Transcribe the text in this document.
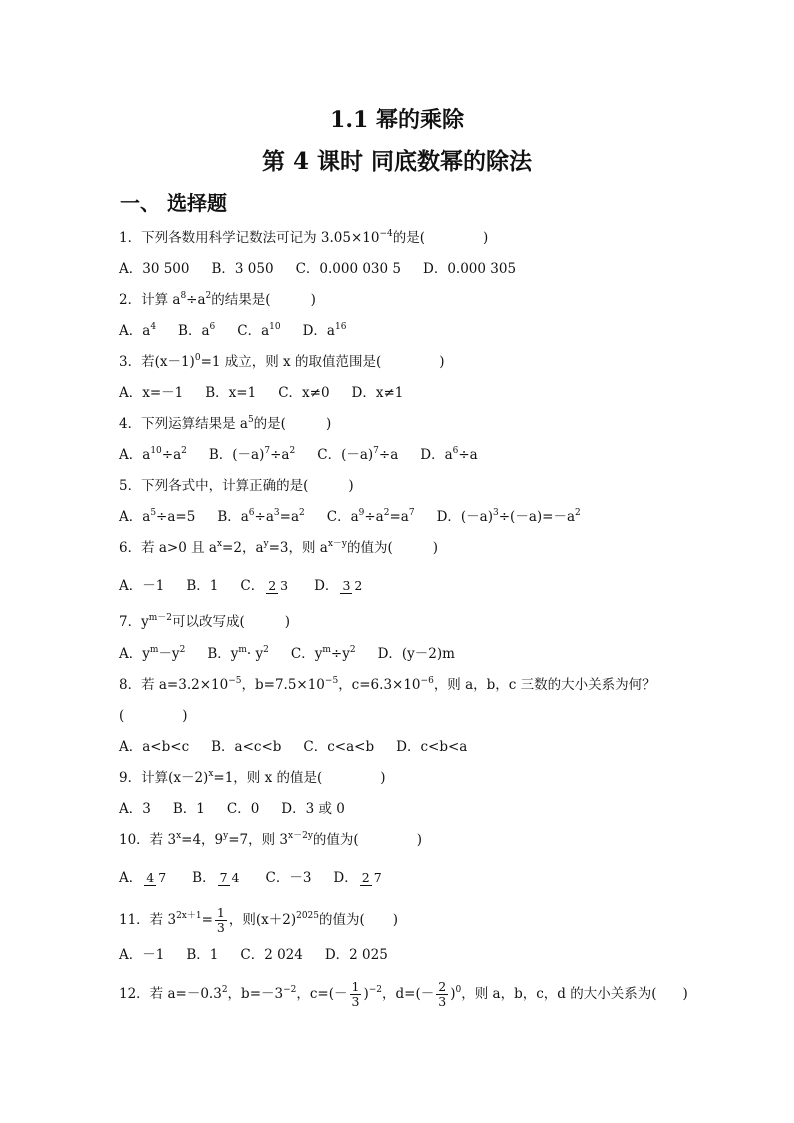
1.1 幂的乘除
第 4 课时 同底数幂的除法
一、 选择题
1．下列各数用科学记数法可记为 $3.05\times 10^{-4}$的是(	)
A．30 500 B．3 050 C．0.000 030 5 D．0.000 305
2．计算 $a^8\div a^2$的结果是(	)
A．$a^4$ B．$a^6$ C．$a^{10}$ D．$a^{16}$
3．若$(x-1)^0=1$ 成立，则 x 的取值范围是(	)
A．x=－1 B．x=1 C．x≠0 D．x≠1
4．下列运算结果是 $a^5$的是(	)
A．$a^{10}\div a^2$ B．$(-a)^7\div a^2$ C．$(-a)^7\div a$ D．$a^6\div a$
5．下列各式中，计算正确的是(	)
A．$a^5\div a=5$ B．$a^6\div a^3=a^2$ C．$a^9\div a^2=a^7$ D．$(-a)^3\div(-a)=-a^2$
6．若 a>0 且 $a^x=2$，$a^y=3$，则 $a^{x-y}$的值为(	)
A．－1 B．1 C． 2 3 D． 3 2
7．$y^{m-2}$可以改写成(	)
A．$y^m-y^2$ B．$y^m\cdot y^2$ C．$y^m\div y^2$ D．(y－2)m
8．若 $a=3.2\times 10^{-5}$，$b=7.5\times 10^{-5}$，$c=6.3\times 10^{-6}$，则 a，b，c 三数的大小关系为何？
(	)
A．a<b<c B．a<c<b C．c<a<b D．c<b<a
9．计算$(x-2)^x=1$，则 x 的值是(	)
A．3 B．1 C．0 D．3 或 0
10．若 $3^x=4$，$9^y=7$，则 $3^{x-2y}$的值为(	)
A． 4 7 B． 7 4 C．－3 D． 2 7
11．若 $3^{2x+1}= \frac{1}{3}$ ，则$(x+2)^{2025}$的值为( )
A．－1 B．1 C．2 024 D．2 025
12．若 $a=-0.3^2$，$b=-3^{-2}$，$c=(- \frac{1}{3} )^{-2}$，$d=(- \frac{2}{3} )^0$，则 a，b，c，d 的大小关系为( )
